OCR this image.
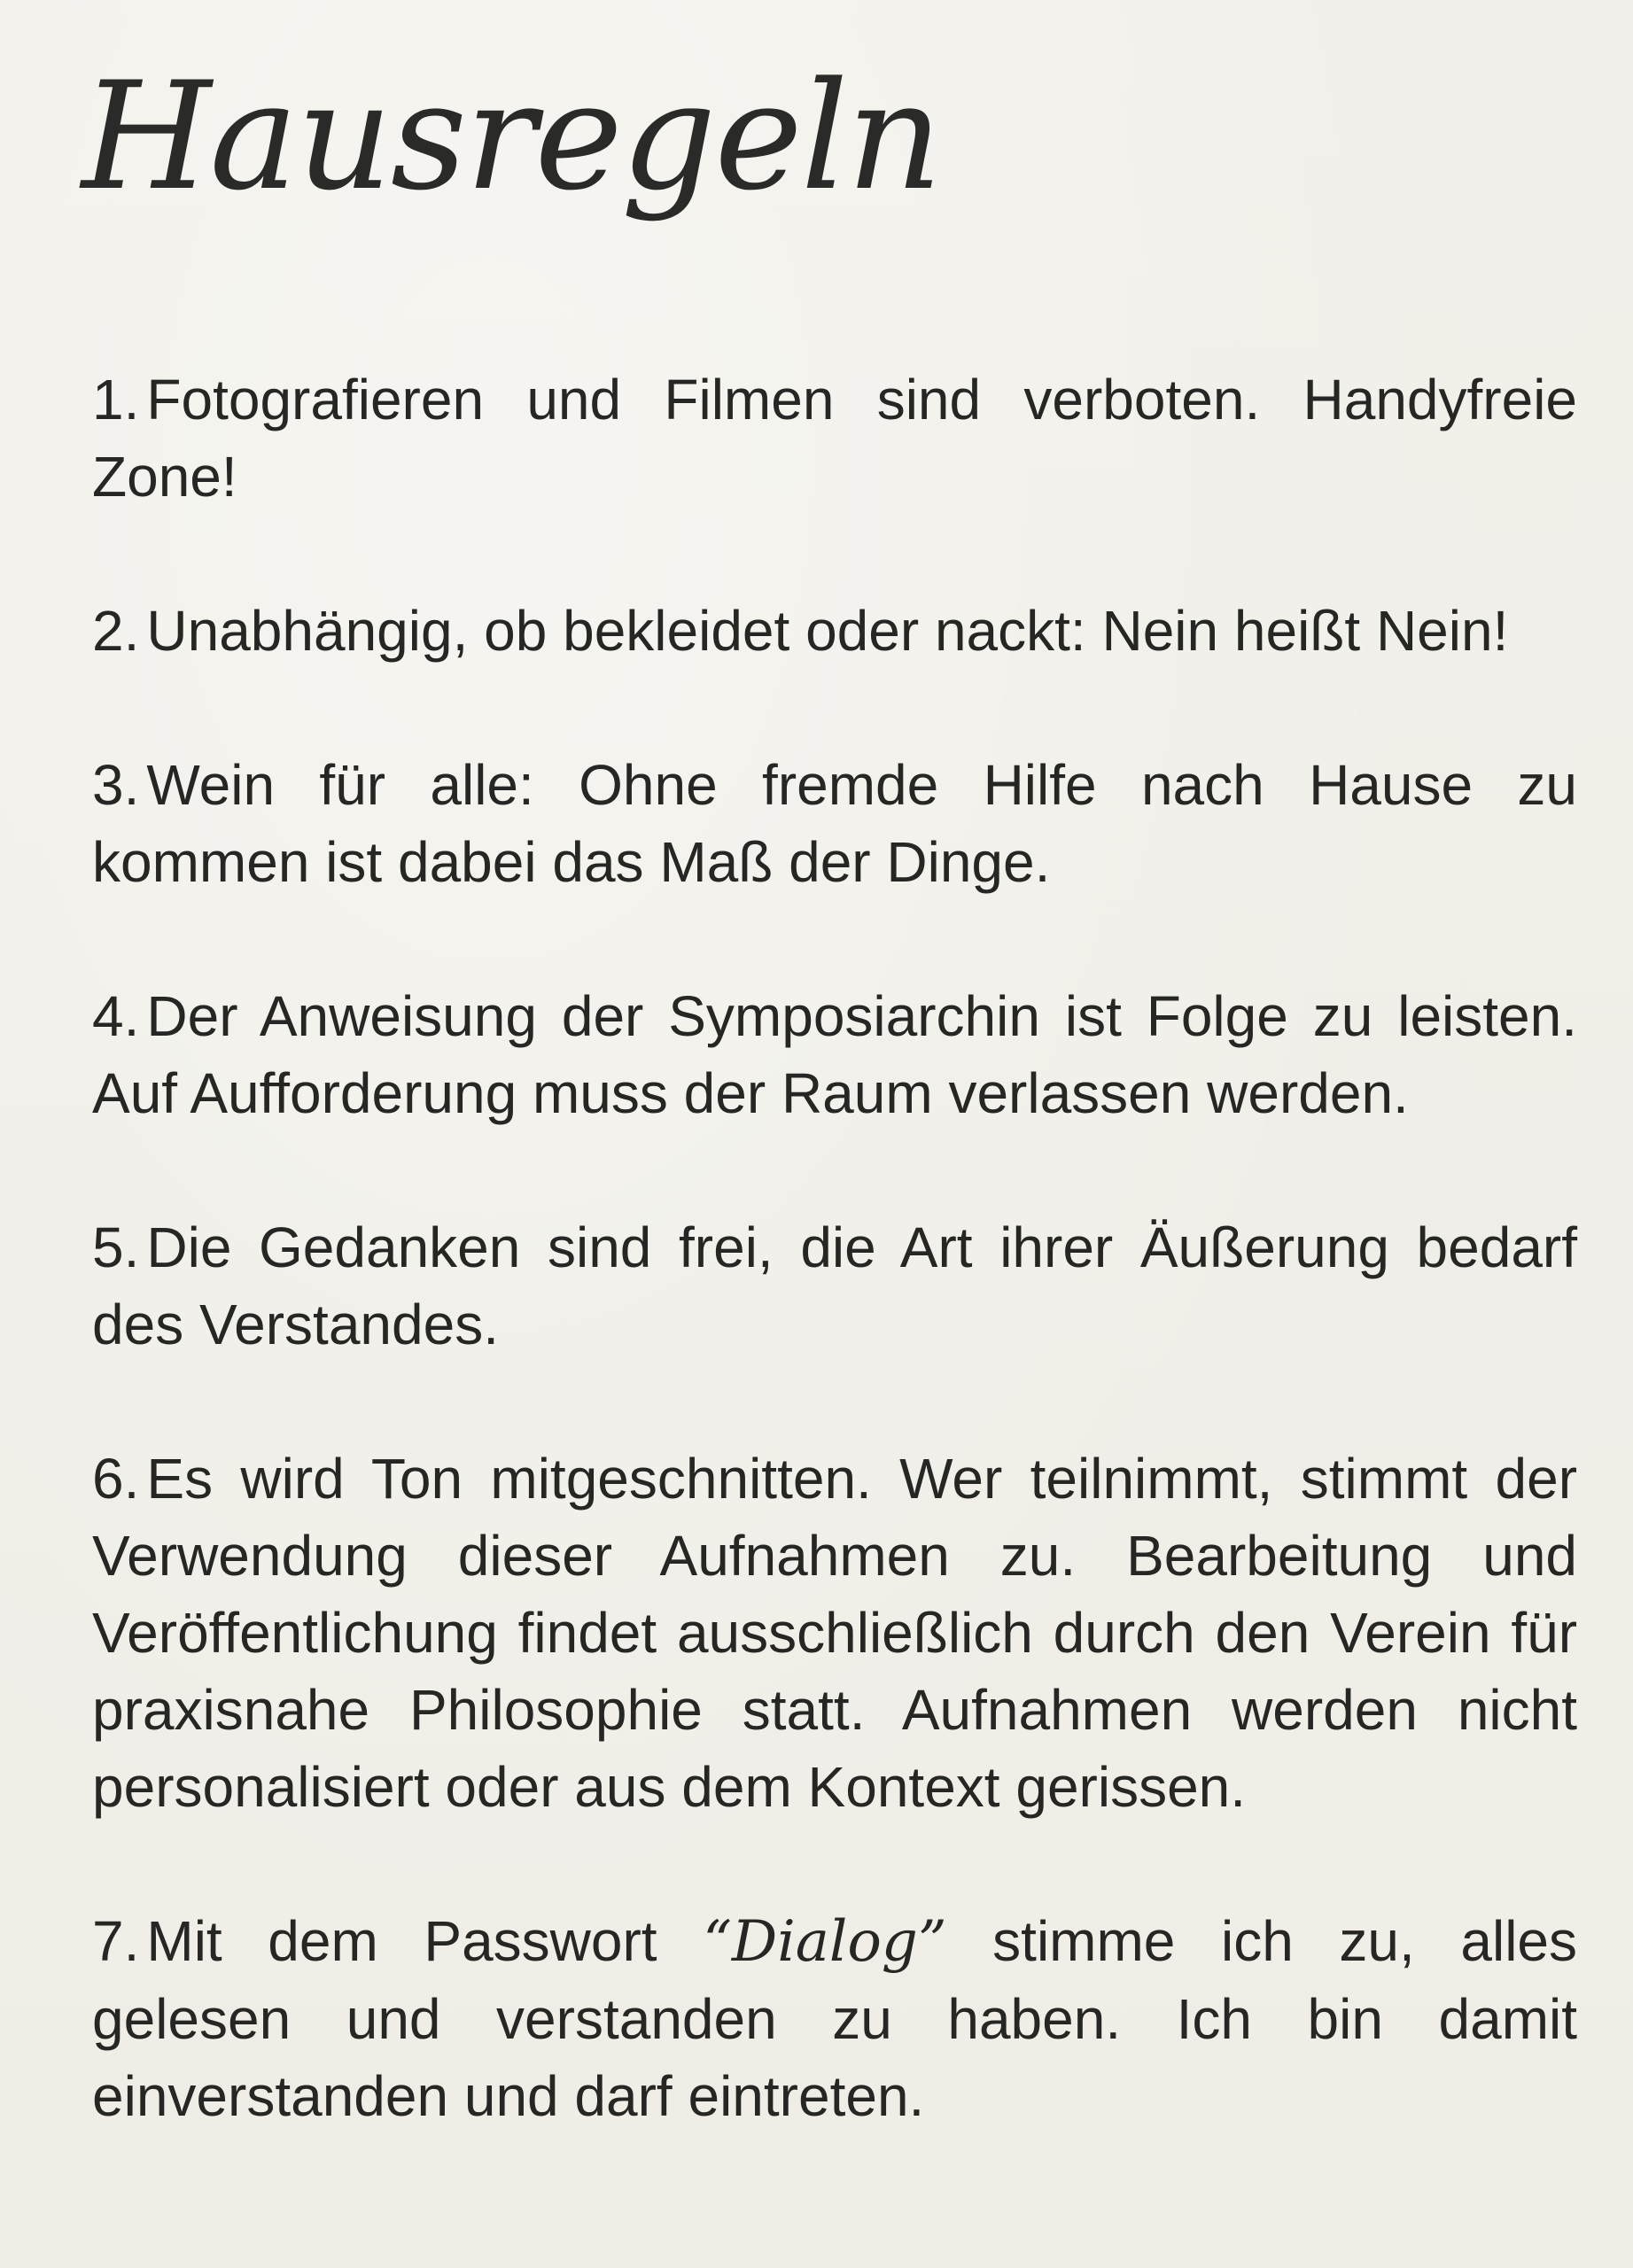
Hausregeln
1. Fotografieren und Filmen sind verboten. Handyfreie Zone!
2. Unabhängig, ob bekleidet oder nackt: Nein heißt Nein!
3. Wein für alle: Ohne fremde Hilfe nach Hause zu kommen ist dabei das Maß der Dinge.
4. Der Anweisung der Symposiarchin ist Folge zu leisten. Auf Aufforderung muss der Raum verlassen werden.
5. Die Gedanken sind frei, die Art ihrer Äußerung bedarf des Verstandes.
6. Es wird Ton mitgeschnitten. Wer teilnimmt, stimmt der Verwendung dieser Aufnahmen zu. Bearbeitung und Veröffentlichung findet ausschließlich durch den Verein für praxisnahe Philosophie statt. Aufnahmen werden nicht personalisiert oder aus dem Kontext gerissen.
7. Mit dem Passwort “Dialog” stimme ich zu, alles gelesen und verstanden zu haben. Ich bin damit einverstanden und darf eintreten.
